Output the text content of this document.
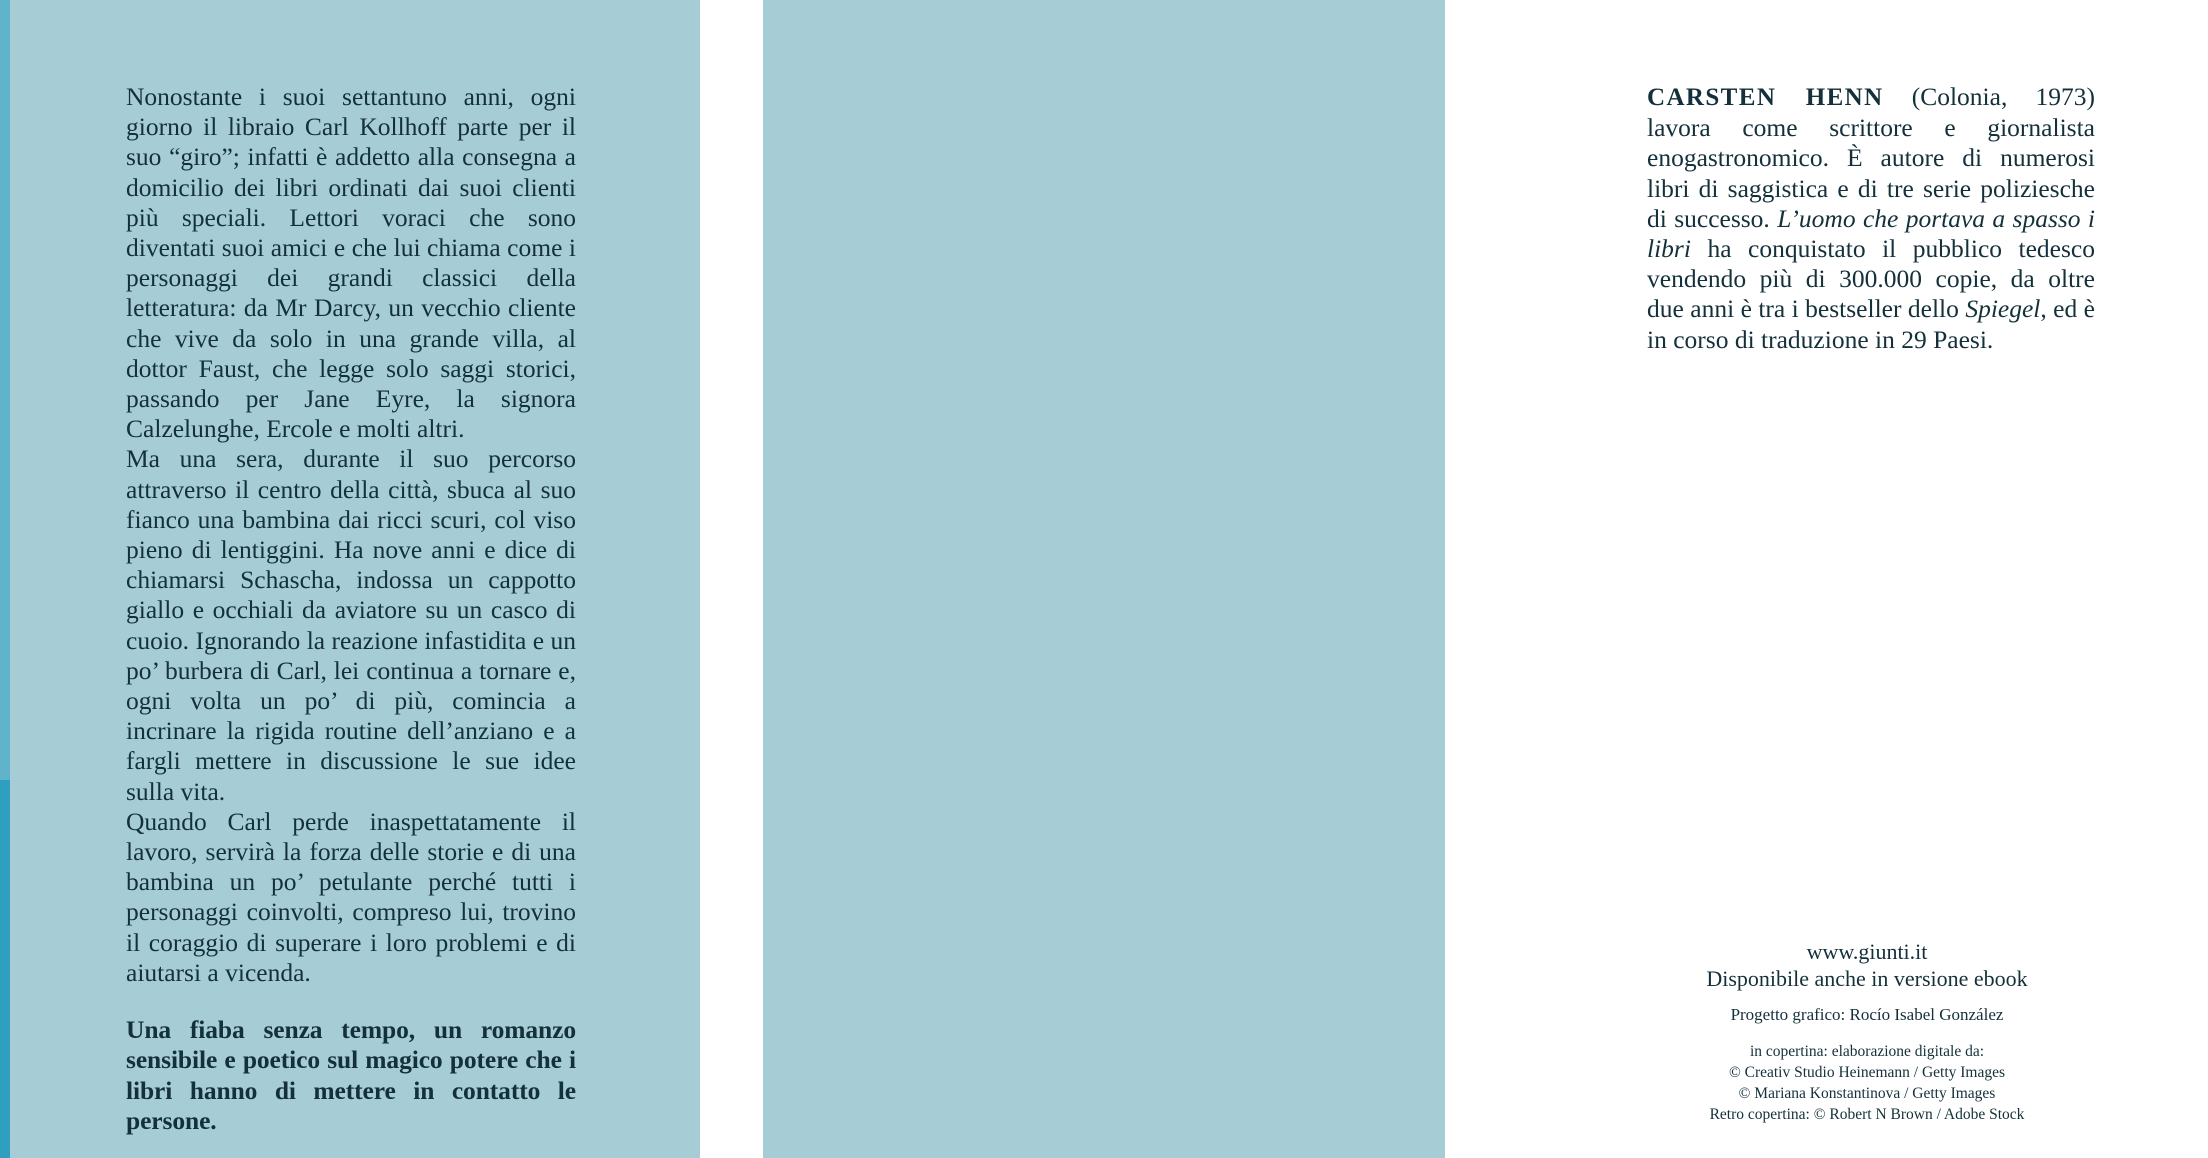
Nonostante i suoi settantuno anni, ogni giorno il libraio Carl Kollhoff parte per il suo “giro”; infatti è addetto alla consegna a domicilio dei libri ordinati dai suoi clienti più speciali. Lettori voraci che sono diventati suoi amici e che lui chiama come i personaggi dei grandi classici della letteratura: da Mr Darcy, un vecchio cliente che vive da solo in una grande villa, al dottor Faust, che legge solo saggi storici, passando per Jane Eyre, la signora Calzelunghe, Ercole e molti altri.

Ma una sera, durante il suo percorso attraverso il centro della città, sbuca al suo fianco una bambina dai ricci scuri, col viso pieno di lentiggini. Ha nove anni e dice di chiamarsi Schascha, indossa un cappotto giallo e occhiali da aviatore su un casco di cuoio. Ignorando la reazione infastidita e un po’ burbera di Carl, lei continua a tornare e, ogni volta un po’ di più, comincia a incrinare la rigida routine dell’anziano e a fargli mettere in discussione le sue idee sulla vita.

Quando Carl perde inaspettatamente il lavoro, servirà la forza delle storie e di una bambina un po’ petulante perché tutti i personaggi coinvolti, compreso lui, trovino il coraggio di superare i loro problemi e di aiutarsi a vicenda.

Una fiaba senza tempo, un romanzo sensibile e poetico sul magico potere che i libri hanno di mettere in contatto le persone.

CARSTEN HENN (Colonia, 1973) lavora come scrittore e giornalista enogastronomico. È autore di numerosi libri di saggistica e di tre serie poliziesche di successo. L’uomo che portava a spasso i libri ha conquistato il pubblico tedesco vendendo più di 300.000 copie, da oltre due anni è tra i bestseller dello Spiegel, ed è in corso di traduzione in 29 Paesi.

www.giunti.it
Disponibile anche in versione ebook
Progetto grafico: Rocío Isabel González
in copertina: elaborazione digitale da:
© Creativ Studio Heinemann / Getty Images
© Mariana Konstantinova / Getty Images
Retro copertina: © Robert N Brown / Adobe Stock
